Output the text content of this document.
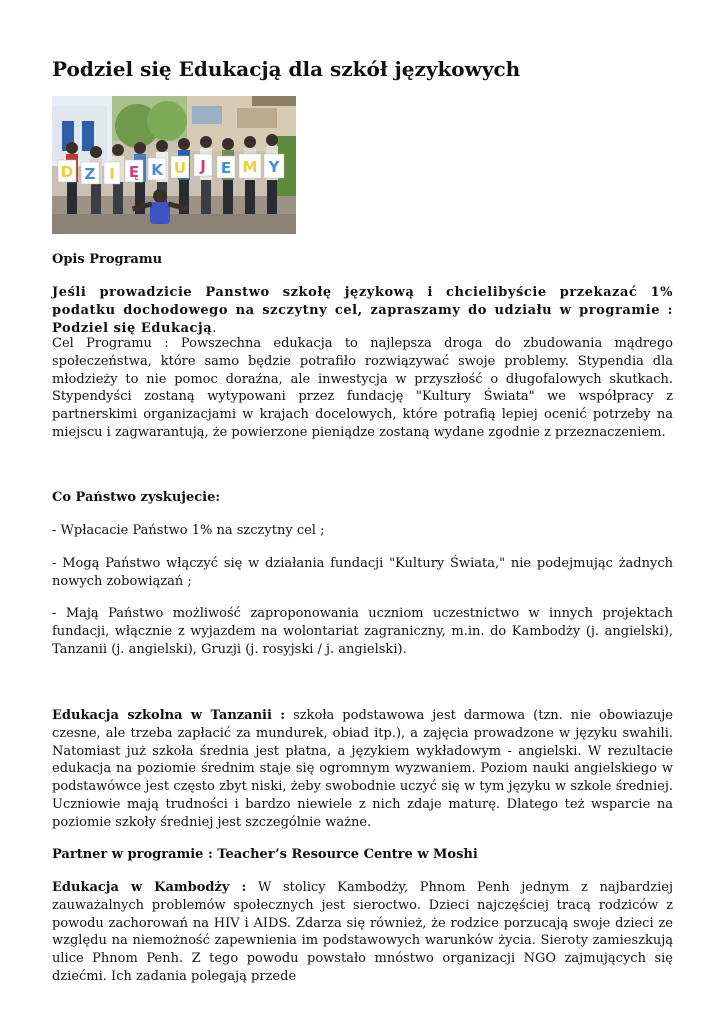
Podziel się Edukacją dla szkół językowych
D Z I Ę K U J E M Y

Opis Programu

Jeśli prowadzicie Panstwo szkołę językową i chcielibyście przekazać 1% podatku dochodowego na szczytny cel, zapraszamy do udziału w programie : Podziel się Edukacją.

Cel Programu : Powszechna edukacja to najlepsza droga do zbudowania mądrego społeczeństwa, które samo będzie potrafiło rozwiązywać swoje problemy. Stypendia dla młodzieży to nie pomoc doraźna, ale inwestycja w przyszłość o długofalowych skutkach. Stypendyści zostaną wytypowani przez fundację "Kultury Świata" we współpracy z partnerskimi organizacjami w krajach docelowych, które potrafią lepiej ocenić potrzeby na miejscu i zagwarantują, że powierzone pieniądze zostaną wydane zgodnie z przeznaczeniem.

Co Państwo zyskujecie:

- Wpłacacie Państwo 1% na szczytny cel ;

- Mogą Państwo włączyć się w działania fundacji "Kultury Świata," nie podejmując żadnych nowych zobowiązań ;

- Mają Państwo możliwość zaproponowania uczniom uczestnictwo w innych projektach fundacji, włącznie z wyjazdem na wolontariat zagraniczny, m.in. do Kambodży (j. angielski), Tanzanii (j. angielski), Gruzji (j. rosyjski / j. angielski).

Edukacja szkolna w Tanzanii : szkoła podstawowa jest darmowa (tzn. nie obowiazuje czesne, ale trzeba zapłacić za mundurek, obiad itp.), a zajęcia prowadzone w języku swahili. Natomiast już szkoła średnia jest płatna, a językiem wykładowym - angielski. W rezultacie edukacja na poziomie średnim staje się ogromnym wyzwaniem. Poziom nauki angielskiego w podstawówce jest często zbyt niski, żeby swobodnie uczyć się w tym języku w szkole średniej. Uczniowie mają trudności i bardzo niewiele z nich zdaje maturę. Dlatego też wsparcie na poziomie szkoły średniej jest szczególnie ważne.

Partner w programie : Teacher’s Resource Centre w Moshi

Edukacja w Kambodży : W stolicy Kambodży, Phnom Penh jednym z najbardziej zauważalnych problemów społecznych jest sieroctwo. Dzieci najczęściej tracą rodziców z powodu zachorowań na HIV i AIDS. Zdarza się również, że rodzice porzucają swoje dzieci ze względu na niemożność zapewnienia im podstawowych warunków życia. Sieroty zamieszkują ulice Phnom Penh. Z tego powodu powstało mnóstwo organizacji NGO zajmujących się dziećmi. Ich zadania polegają przede
